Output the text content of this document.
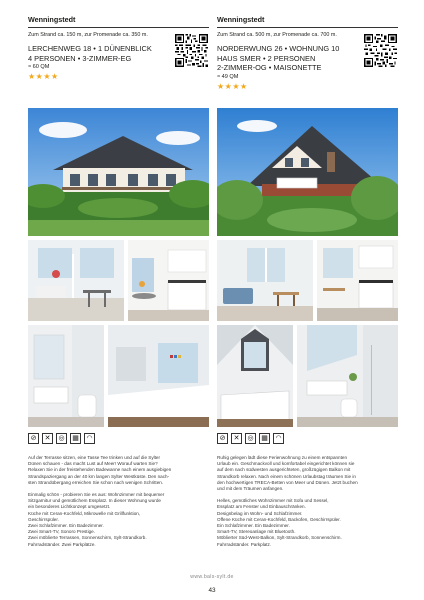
Wenningstedt
Zum Strand ca. 150 m, zur Promenade ca. 350 m.
LERCHENWEG 18 • 1 DÜNENBLICK
4 PERSONEN • 3-ZIMMER-EG
≈ 60 QM
★★★★
⊘	✕	◎	▦	◠

Auf der Terrasse sitzen, eine Tasse Tee trinken und auf die Sylter
Dünen schauen - das macht Lust auf Meer! Worauf warten Sie?
Relaxen Sie in der freistehenden Badewanne nach einem ausgiebigen
Strandspaziergang an der 40 km langen Sylter Westküste. Den nach-
sten Strandübergang erreichen Sie schon nach wenigen Schritten.

Einmalig schön - probieren Sie es aus: Wohnzimmer mit bequemer
Sitzgarnitur und gemütlichem Essplatz. In dieser Wohnung wurde
ein besonderes Lichtkonzept umgesetzt.
Küche mit Ceran-Kochfeld, Mikrowelle mit Grillfunktion,
Geschirrspüler.
Zwei Schlafzimmer. Ein Badezimmer.
Zwei Smart-TV, Sonoro Prestige.
Zwei möblierte Terrassen, Sonnenschirm, Sylt-Strandkorb.
Fahrradständer. Zwei Parkplätze.

Wenningstedt
Zum Strand ca. 500 m, zur Promenade ca. 700 m.
NORDERWUNG 26 • WOHNUNG 10
HAUS SMER • 2 PERSONEN
2-ZIMMER-OG • MAISONETTE
≈ 49 QM
★★★★
⊘	✕	◎	▦	◠

Ruhig gelegen lädt diese Ferienwohnung zu einem entspannten
Urlaub ein. Geschmackvoll und komfortabel eingerichtet können sie
auf dem nach südwesten ausgerichteten, großzügigen Balkon mit
Strandkorb relaxen. Nach einem schönen Urlaubstag träumen Sie in
den hochwertigen TRECA-Betten von Meer und Dünen. Jetzt buchen
und mit dem Träumen anfangen.

Helles, gemütliches Wohnzimmer mit Sofa und Sessel,
Essplatz am Fenster und Einbauschränken.
Designbelag im Wohn- und Schlafzimmer.
Offene Küche mit Ceran-Kochfeld, Backofen, Geschirrspüler.
Ein Schlafzimmer. Ein Badezimmer.
Smart-TV, Stereoanlage mit Bluetooth.
Möblierter Süd-West-Balkon, Sylt-Strandkorb, Sonnenschirm.
Fahrradständer. Parkplatz.

www.bals-sylt.de
43
